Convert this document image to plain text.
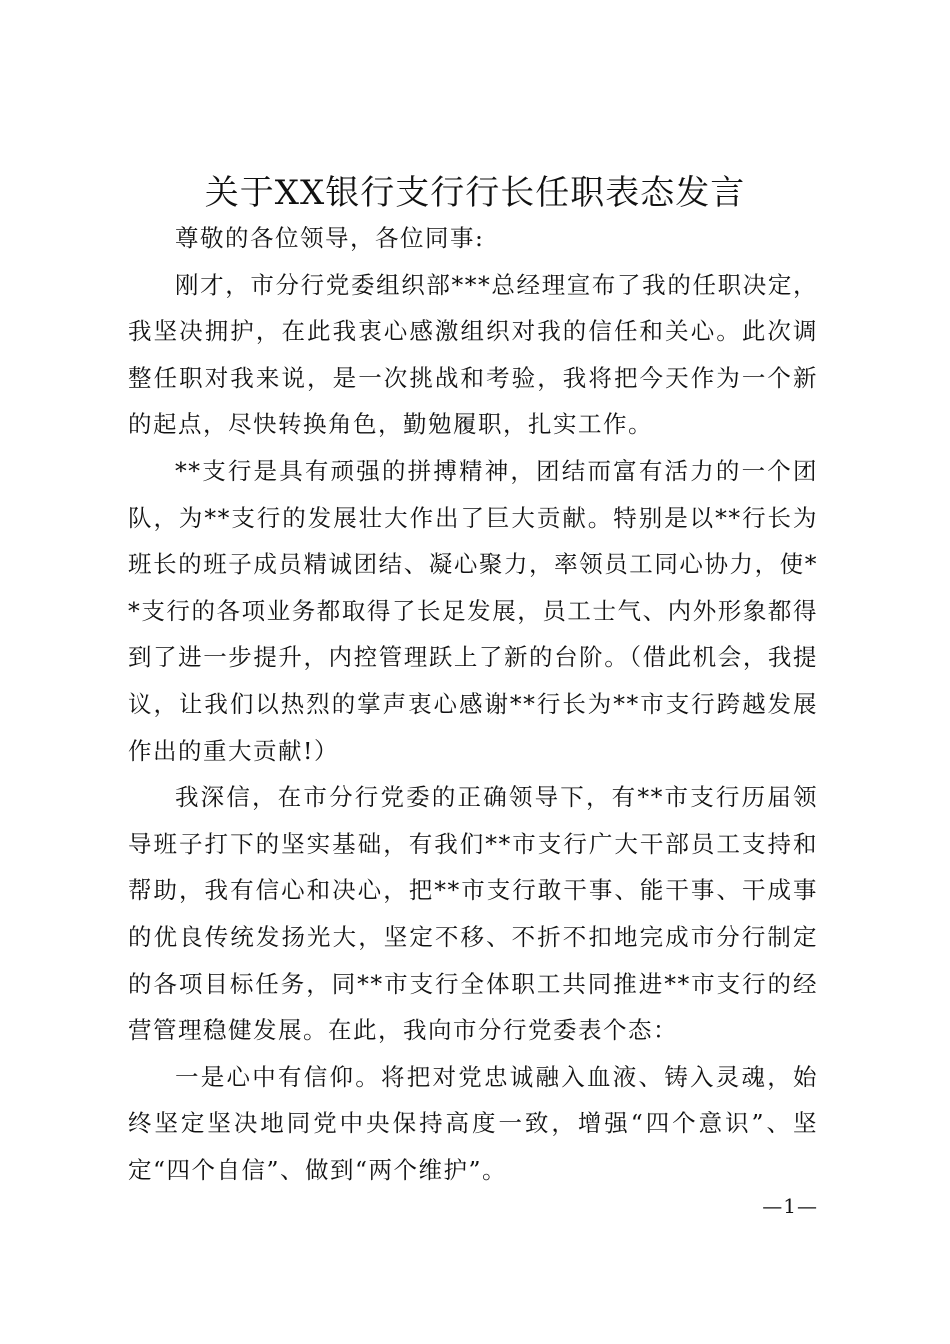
关于XX银行支行行长任职表态发言

尊敬的各位领导，各位同事:

刚才，市分行党委组织部***总经理宣布了我的任职决定，我坚决拥护，在此我衷心感激组织对我的信任和关心。此次调整任职对我来说，是一次挑战和考验，我将把今天作为一个新的起点，尽快转换角色，勤勉履职，扎实工作。

**支行是具有顽强的拼搏精神，团结而富有活力的一个团队，为**支行的发展壮大作出了巨大贡献。特别是以**行长为班长的班子成员精诚团结、凝心聚力，率领员工同心协力，使**支行的各项业务都取得了长足发展，员工士气、内外形象都得到了进一步提升，内控管理跃上了新的台阶。（借此机会，我提议，让我们以热烈的掌声衷心感谢**行长为**市支行跨越发展作出的重大贡献!）

我深信，在市分行党委的正确领导下，有**市支行历届领导班子打下的坚实基础，有我们**市支行广大干部员工支持和帮助，我有信心和决心，把**市支行敢干事、能干事、干成事的优良传统发扬光大，坚定不移、不折不扣地完成市分行制定的各项目标任务，同**市支行全体职工共同推进**市支行的经营管理稳健发展。在此，我向市分行党委表个态：

一是心中有信仰。将把对党忠诚融入血液、铸入灵魂，始终坚定坚决地同党中央保持高度一致，增强“四个意识”、坚定“四个自信”、做到“两个维护”。

—1—
